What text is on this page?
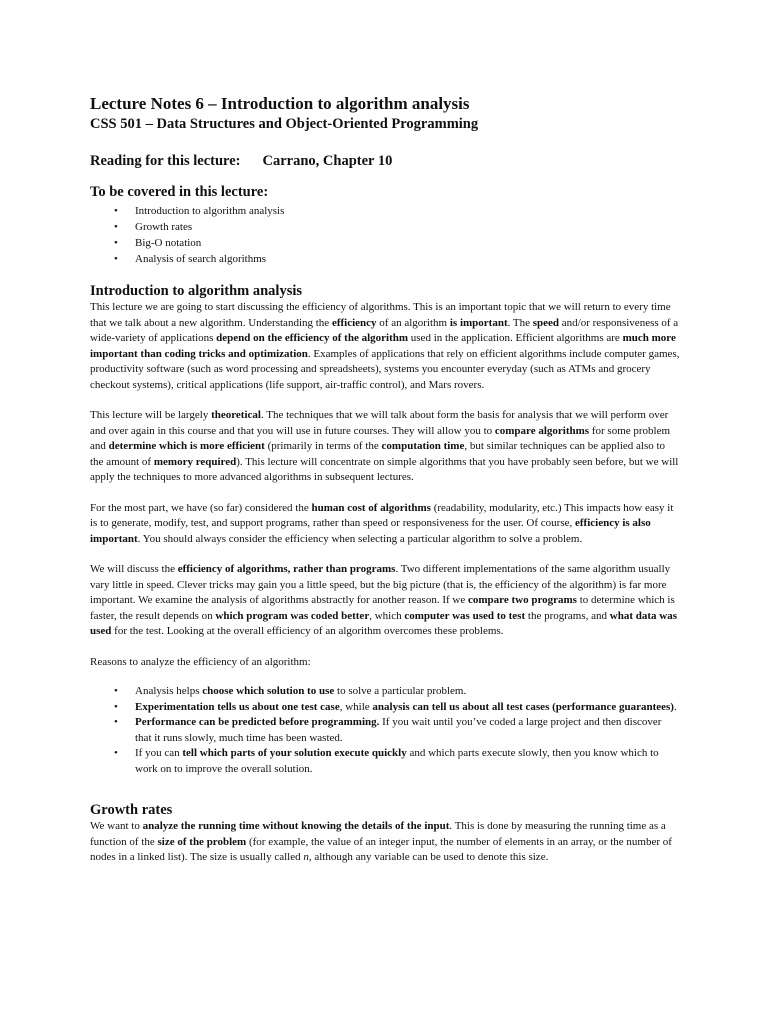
Lecture Notes 6 – Introduction to algorithm analysis
CSS 501 – Data Structures and Object-Oriented Programming
Reading for this lecture: Carrano, Chapter 10
To be covered in this lecture:
• Introduction to algorithm analysis
• Growth rates
• Big-O notation
• Analysis of search algorithms
Introduction to algorithm analysis

This lecture we are going to start discussing the efficiency of algorithms. This is an important topic that we will return to every time that we talk about a new algorithm. Understanding the efficiency of an algorithm is important. The speed and/or responsiveness of a wide-variety of applications depend on the efficiency of the algorithm used in the application. Efficient algorithms are much more important than coding tricks and optimization. Examples of applications that rely on efficient algorithms include computer games, productivity software (such as word processing and spreadsheets), systems you encounter everyday (such as ATMs and grocery checkout systems), critical applications (life support, air-traffic control), and Mars rovers.

This lecture will be largely theoretical. The techniques that we will talk about form the basis for analysis that we will perform over and over again in this course and that you will use in future courses. They will allow you to compare algorithms for some problem and determine which is more efficient (primarily in terms of the computation time, but similar techniques can be applied also to the amount of memory required). This lecture will concentrate on simple algorithms that you have probably seen before, but we will apply the techniques to more advanced algorithms in subsequent lectures.

For the most part, we have (so far) considered the human cost of algorithms (readability, modularity, etc.) This impacts how easy it is to generate, modify, test, and support programs, rather than speed or responsiveness for the user. Of course, efficiency is also important. You should always consider the efficiency when selecting a particular algorithm to solve a problem.

We will discuss the efficiency of algorithms, rather than programs. Two different implementations of the same algorithm usually vary little in speed. Clever tricks may gain you a little speed, but the big picture (that is, the efficiency of the algorithm) is far more important. We examine the analysis of algorithms abstractly for another reason. If we compare two programs to determine which is faster, the result depends on which program was coded better, which computer was used to test the programs, and what data was used for the test. Looking at the overall efficiency of an algorithm overcomes these problems.

Reasons to analyze the efficiency of an algorithm:

• Analysis helps choose which solution to use to solve a particular problem.
• Experimentation tells us about one test case, while analysis can tell us about all test cases (performance guarantees).
• Performance can be predicted before programming. If you wait until you’ve coded a large project and then discover that it runs slowly, much time has been wasted.
• If you can tell which parts of your solution execute quickly and which parts execute slowly, then you know which to work on to improve the overall solution.
Growth rates

We want to analyze the running time without knowing the details of the input. This is done by measuring the running time as a function of the size of the problem (for example, the value of an integer input, the number of elements in an array, or the number of nodes in a linked list). The size is usually called n, although any variable can be used to denote this size.
